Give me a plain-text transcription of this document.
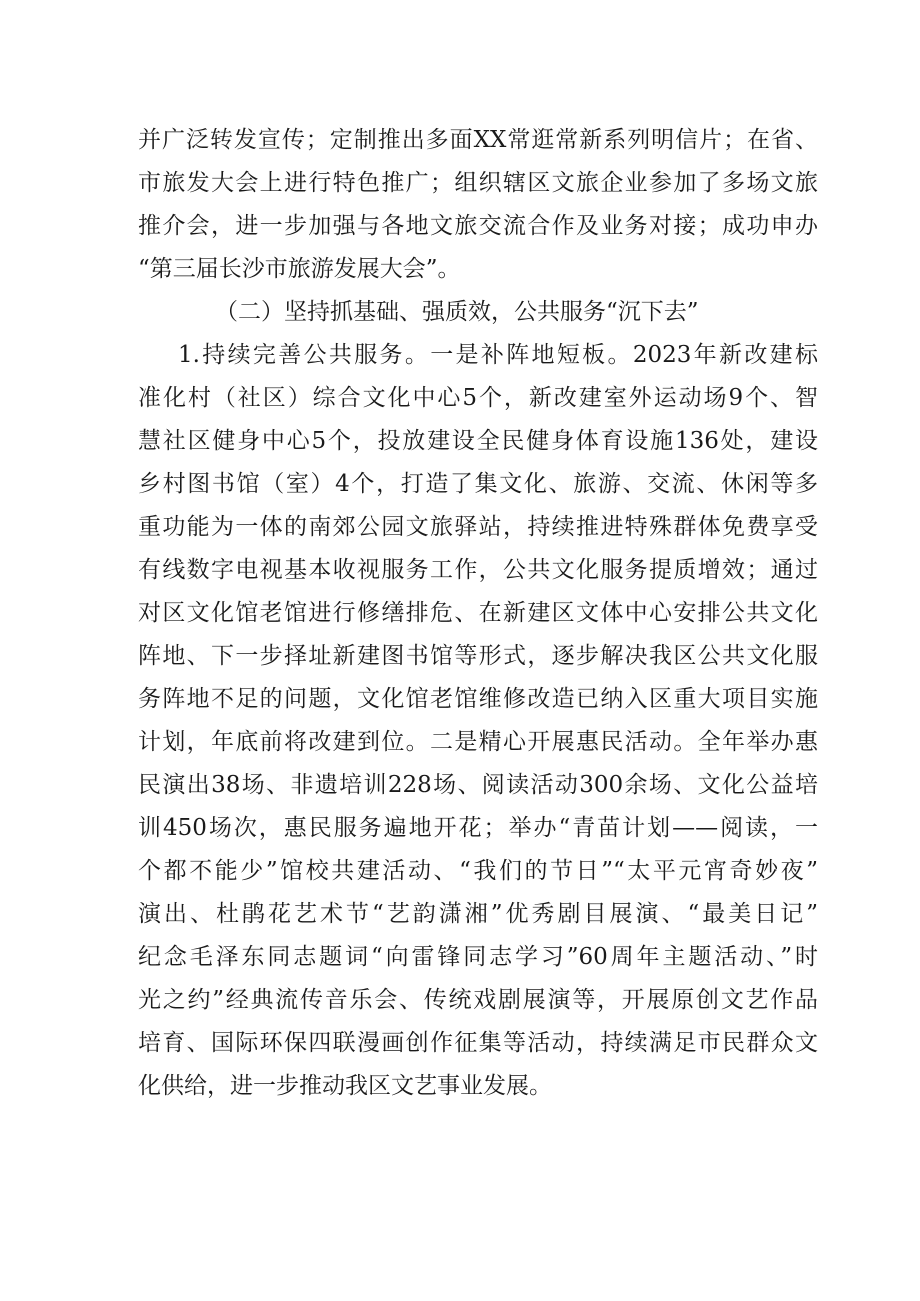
并广泛转发宣传；定制推出多面XX常逛常新系列明信片；在省、
市旅发大会上进行特色推广；组织辖区文旅企业参加了多场文旅
推介会，进一步加强与各地文旅交流合作及业务对接；成功申办
“第三届长沙市旅游发展大会”。
（二）坚持抓基础、强质效，公共服务“沉下去”
1.持续完善公共服务。一是补阵地短板。2023年新改建标
准化村（社区）综合文化中心5个，新改建室外运动场9个、智
慧社区健身中心5个，投放建设全民健身体育设施136处，建设
乡村图书馆（室）4个，打造了集文化、旅游、交流、休闲等多
重功能为一体的南郊公园文旅驿站，持续推进特殊群体免费享受
有线数字电视基本收视服务工作，公共文化服务提质增效；通过
对区文化馆老馆进行修缮排危、在新建区文体中心安排公共文化
阵地、下一步择址新建图书馆等形式，逐步解决我区公共文化服
务阵地不足的问题，文化馆老馆维修改造已纳入区重大项目实施
计划，年底前将改建到位。二是精心开展惠民活动。全年举办惠
民演出38场、非遗培训228场、阅读活动300余场、文化公益培
训450场次，惠民服务遍地开花；举办“青苗计划——阅读，一
个都不能少”馆校共建活动、“我们的节日”“太平元宵奇妙夜”
演出、杜鹃花艺术节“艺韵潇湘”优秀剧目展演、“最美日记”
纪念毛泽东同志题词“向雷锋同志学习”60周年主题活动、”时
光之约”经典流传音乐会、传统戏剧展演等，开展原创文艺作品
培育、国际环保四联漫画创作征集等活动，持续满足市民群众文
化供给，进一步推动我区文艺事业发展。
